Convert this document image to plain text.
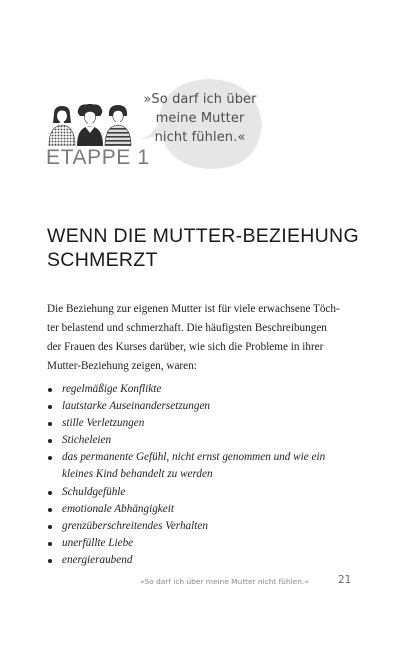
»So darf ich über
meine Mutter
nicht fühlen.«
ETAPPE 1
WENN DIE MUTTER-BEZIEHUNG
SCHMERZT

Die Beziehung zur eigenen Mutter ist für viele erwachsene Töch-
ter belastend und schmerzhaft. Die häufigsten Beschreibungen
der Frauen des Kurses darüber, wie sich die Probleme in ihrer
Mutter-Beziehung zeigen, waren:

regelmäßige Konflikte
lautstarke Auseinandersetzungen
stille Verletzungen
Sticheleien
das permanente Gefühl, nicht ernst genommen und wie ein
kleines Kind behandelt zu werden
Schuldgefühle
emotionale Abhängigkeit
grenzüberschreitendes Verhalten
unerfüllte Liebe
energieraubend
»So darf ich über meine Mutter nicht fühlen.«	21
